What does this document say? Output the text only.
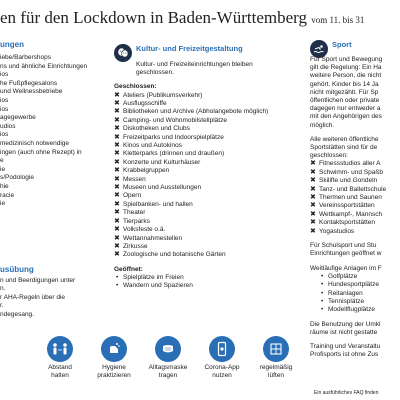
en für den Lockdown in Baden-Württemberg vom 11. bis 31
ungen
iebe/Barbershops
ns und ähnliche Einrichtungen
ios
he Fußpflegesalons
und Wellnessbetriebe
ios
ios
agegewerbe
udios
ios
medizinisch notwendige
ingen (auch ohne Rezept) in
e
ie
s/Podologie
hie
racie
ie
usübung
n und Beerdigungen unter
n.
r AHA-Regeln über die
r.
ndegesang.
Kultur- und Freizeitgestaltung
Kultur- und Freizeiteinrichtungen bleiben geschlossen.
Geschlossen:
✖ Ateliers (Publikumsverkehr)
✖ Ausflugsschiffe
✖ Bibliotheken und Archive (Abholangebote möglich)
✖ Camping- und Wohnmobilstellplätze
✖ Diskotheken und Clubs
✖ Freizeitparks und Indoorspielplätze
✖ Kinos und Autokinos
✖ Kletterparks (drinnen und draußen)
✖ Konzerte und Kulturhäuser
✖ Krabbelgruppen
✖ Messen
✖ Museen und Ausstellungen
✖ Opern
✖ Spielbanken- und hallen
✖ Theater
✖ Tierparks
✖ Volksfeste o.ä.
✖ Wettannahmestellen
✖ Zirkusse
✖ Zoologische und botanische Gärten
Geöffnet:
• Spielplätze im Freien
• Wandern und Spazieren
Sport
Für Sport und Bewegung
gilt die Regelung: Ein Ha
weitere Person, die nicht
gehört. Kinder bis 14 Ja
nicht mitgezählt. Für Sp
öffentlichen oder private
dagegen nur entweder a
mit den Angehörigen des
möglich.
Alle weiteren öffentliche
Sportstätten sind für de
geschlossen:
✖ Fitnessstudios aller A
✖ Schwimm- und Spaßb
✖ Skilifte und Gondeln
✖ Tanz- und Ballettschule
✖ Thermen und Saunen
✖ Vereinssportstätten
✖ Wettkampf-, Mannsch
✖ Kontaktsportstätten
✖ Yogastudios
Für Schulsport und Stu
Einrichtungen geöffnet w
Weitläufige Anlagen im F
• Golfplätze
• Hundesportplätze
• Reitanlagen
• Tennisplätze
• Modellflugplätze
Die Benutzung der Umkl
räume ist nicht gestatte
Training und Veranstaltu
Profisports ist ohne Zus
Abstand
halten
Hygiene
praktizieren
Alltagsmaske
tragen
Corona-App
nutzen
regelmäßig
lüften
Ein ausführliches FAQ finden
